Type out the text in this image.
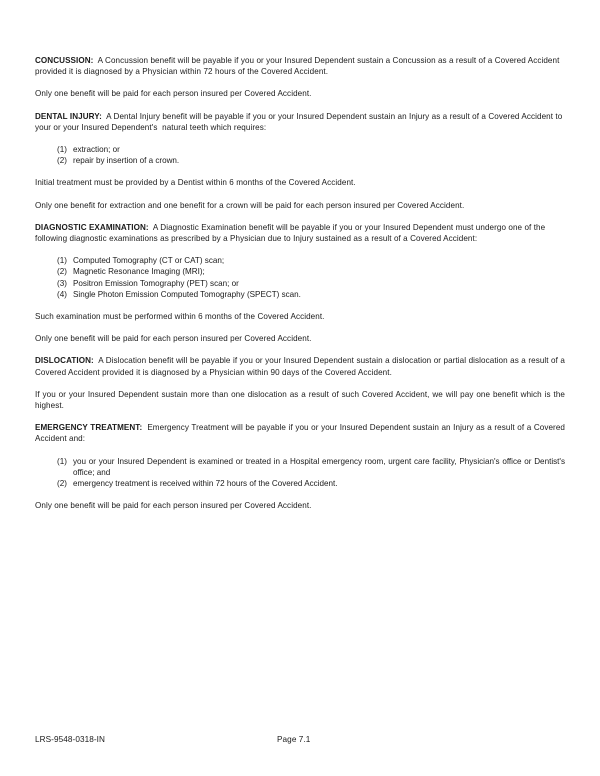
CONCUSSION:  A Concussion benefit will be payable if you or your Insured Dependent sustain a Concussion as a result of a Covered Accident provided it is diagnosed by a Physician within 72 hours of the Covered Accident.

Only one benefit will be paid for each person insured per Covered Accident.

DENTAL INJURY:  A Dental Injury benefit will be payable if you or your Insured Dependent sustain an Injury as a result of a Covered Accident to your or your Insured Dependent's  natural teeth which requires:

(1) extraction; or
(2) repair by insertion of a crown.

Initial treatment must be provided by a Dentist within 6 months of the Covered Accident.

Only one benefit for extraction and one benefit for a crown will be paid for each person insured per Covered Accident.

DIAGNOSTIC EXAMINATION:  A Diagnostic Examination benefit will be payable if you or your Insured Dependent must undergo one of the following diagnostic examinations as prescribed by a Physician due to Injury sustained as a result of a Covered Accident:

(1) Computed Tomography (CT or CAT) scan;
(2) Magnetic Resonance Imaging (MRI);
(3) Positron Emission Tomography (PET) scan; or
(4) Single Photon Emission Computed Tomography (SPECT) scan.

Such examination must be performed within 6 months of the Covered Accident.

Only one benefit will be paid for each person insured per Covered Accident.

DISLOCATION:  A Dislocation benefit will be payable if you or your Insured Dependent sustain a dislocation or partial dislocation as a result of a Covered Accident provided it is diagnosed by a Physician within 90 days of the Covered Accident.

If you or your Insured Dependent sustain more than one dislocation as a result of such Covered Accident, we will pay one benefit which is the highest.

EMERGENCY TREATMENT:  Emergency Treatment will be payable if you or your Insured Dependent sustain an Injury as a result of a Covered Accident and:

(1) you or your Insured Dependent is examined or treated in a Hospital emergency room, urgent care facility, Physician's office or Dentist's office; and
(2) emergency treatment is received within 72 hours of the Covered Accident.

Only one benefit will be paid for each person insured per Covered Accident.

LRS-9548-0318-IN	Page 7.1
